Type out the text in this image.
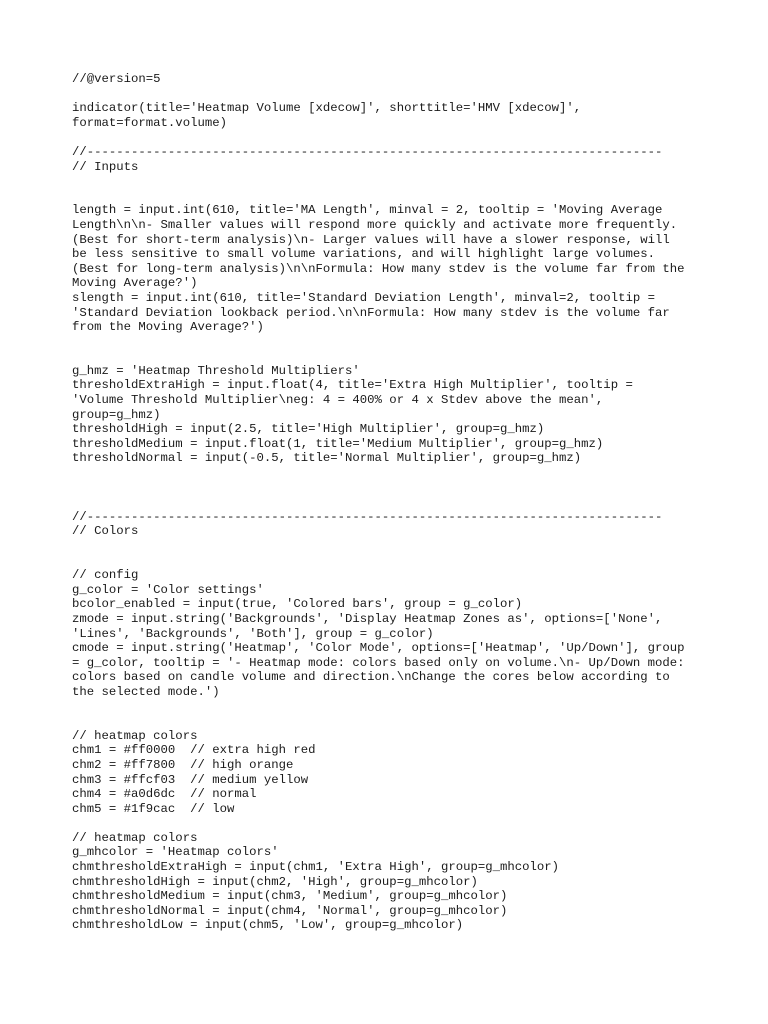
//@version=5
indicator(title='Heatmap Volume [xdecow]', shorttitle='HMV [xdecow]',
format=format.volume)
//------------------------------------------------------------------------------
// Inputs
length = input.int(610, title='MA Length', minval = 2, tooltip = 'Moving Average
Length\n\n- Smaller values will respond more quickly and activate more frequently.
(Best for short-term analysis)\n- Larger values will have a slower response, will
be less sensitive to small volume variations, and will highlight large volumes.
(Best for long-term analysis)\n\nFormula: How many stdev is the volume far from the
Moving Average?')
slength = input.int(610, title='Standard Deviation Length', minval=2, tooltip =
'Standard Deviation lookback period.\n\nFormula: How many stdev is the volume far
from the Moving Average?')
g_hmz = 'Heatmap Threshold Multipliers'
thresholdExtraHigh = input.float(4, title='Extra High Multiplier', tooltip =
'Volume Threshold Multiplier\neg: 4 = 400% or 4 x Stdev above the mean',
group=g_hmz)
thresholdHigh = input(2.5, title='High Multiplier', group=g_hmz)
thresholdMedium = input.float(1, title='Medium Multiplier', group=g_hmz)
thresholdNormal = input(-0.5, title='Normal Multiplier', group=g_hmz)
//------------------------------------------------------------------------------
// Colors
// config
g_color = 'Color settings'
bcolor_enabled = input(true, 'Colored bars', group = g_color)
zmode = input.string('Backgrounds', 'Display Heatmap Zones as', options=['None',
'Lines', 'Backgrounds', 'Both'], group = g_color)
cmode = input.string('Heatmap', 'Color Mode', options=['Heatmap', 'Up/Down'], group
= g_color, tooltip = '- Heatmap mode: colors based only on volume.\n- Up/Down mode:
colors based on candle volume and direction.\nChange the cores below according to
the selected mode.')
// heatmap colors
chm1 = #ff0000  // extra high red
chm2 = #ff7800  // high orange
chm3 = #ffcf03  // medium yellow
chm4 = #a0d6dc  // normal
chm5 = #1f9cac  // low
// heatmap colors
g_mhcolor = 'Heatmap colors'
chmthresholdExtraHigh = input(chm1, 'Extra High', group=g_mhcolor)
chmthresholdHigh = input(chm2, 'High', group=g_mhcolor)
chmthresholdMedium = input(chm3, 'Medium', group=g_mhcolor)
chmthresholdNormal = input(chm4, 'Normal', group=g_mhcolor)
chmthresholdLow = input(chm5, 'Low', group=g_mhcolor)
